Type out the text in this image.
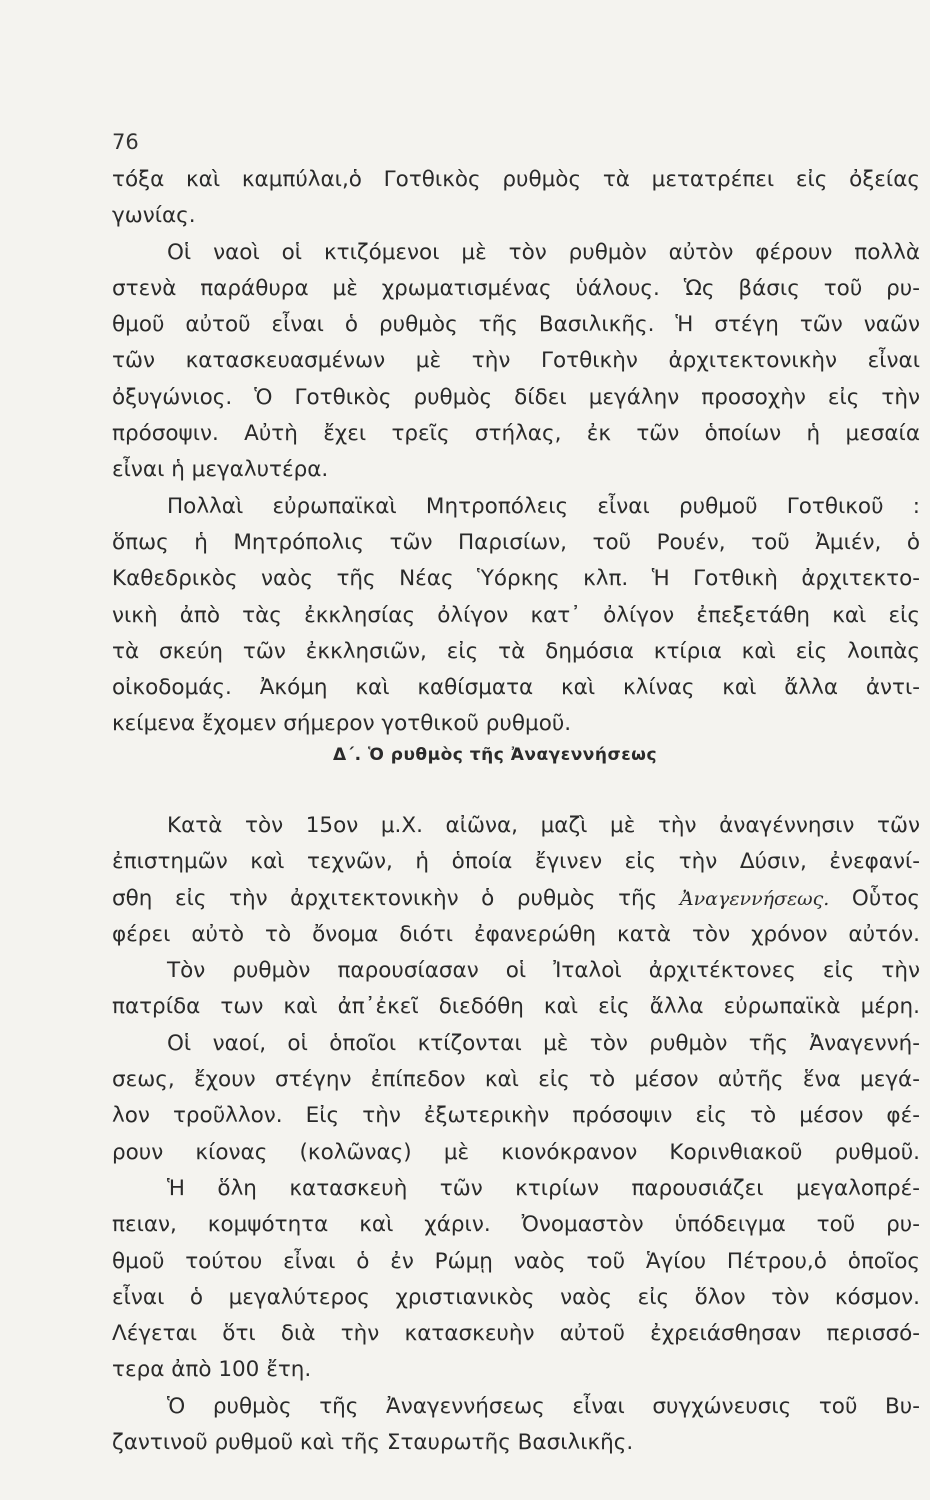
76
τόξα καὶ καμπύλαι,ὁ Γοτθικὸς ρυθμὸς τὰ μετατρέπει εἰς ὀξείας
γωνίας.
Οἱ ναοὶ οἱ κτιζόμενοι μὲ τὸν ρυθμὸν αὐτὸν φέρουν πολλὰ
στενὰ παράθυρα μὲ χρωματισμένας ὑάλους. Ὡς βάσις τοῦ ρυ-
θμοῦ αὐτοῦ εἶναι ὁ ρυθμὸς τῆς Βασιλικῆς. Ἡ στέγη τῶν ναῶν
τῶν κατασκευασμένων μὲ τὴν Γοτθικὴν ἀρχιτεκτονικὴν εἶναι
ὀξυγώνιος. Ὁ Γοτθικὸς ρυθμὸς δίδει μεγάλην προσοχὴν εἰς τὴν
πρόσοψιν. Αὐτὴ ἔχει τρεῖς στήλας, ἐκ τῶν ὁποίων ἡ μεσαία
εἶναι ἡ μεγαλυτέρα.
Πολλαὶ εὐρωπαϊκαὶ Μητροπόλεις εἶναι ρυθμοῦ Γοτθικοῦ :
ὅπως ἡ Μητρόπολις τῶν Παρισίων, τοῦ Ρουέν, τοῦ Ἀμιέν, ὁ
Καθεδρικὸς ναὸς τῆς Νέας Ὑόρκης κλπ. Ἡ Γοτθικὴ ἀρχιτεκτο-
νικὴ ἀπὸ τὰς ἐκκλησίας ὀλίγον κατ᾽ ὀλίγον ἐπεξετάθη καὶ εἰς
τὰ σκεύη τῶν ἐκκλησιῶν, εἰς τὰ δημόσια κτίρια καὶ εἰς λοιπὰς
οἰκοδομάς. Ἀκόμη καὶ καθίσματα καὶ κλίνας καὶ ἄλλα ἀντι-
κείμενα ἔχομεν σήμερον γοτθικοῦ ρυθμοῦ.
Δ΄. Ὁ ρυθμὸς τῆς Ἀναγεννήσεως
Κατὰ τὸν 15ον μ.Χ. αἰῶνα, μαζὶ μὲ τὴν ἀναγέννησιν τῶν
ἐπιστημῶν καὶ τεχνῶν, ἡ ὁποία ἔγινεν εἰς τὴν Δύσιν, ἐνεφανί-
σθη εἰς τὴν ἀρχιτεκτονικὴν ὁ ρυθμὸς τῆς Ἀναγεννήσεως. Οὗτος
φέρει αὐτὸ τὸ ὄνομα διότι ἐφανερώθη κατὰ τὸν χρόνον αὐτόν.
Τὸν ρυθμὸν παρουσίασαν οἱ Ἰταλοὶ ἀρχιτέκτονες εἰς τὴν
πατρίδα των καὶ ἀπ᾽ἐκεῖ διεδόθη καὶ εἰς ἄλλα εὐρωπαϊκὰ μέρη.
Οἱ ναοί, οἱ ὁποῖοι κτίζονται μὲ τὸν ρυθμὸν τῆς Ἀναγεννή-
σεως, ἔχουν στέγην ἐπίπεδον καὶ εἰς τὸ μέσον αὐτῆς ἕνα μεγά-
λον τροῦλλον. Εἰς τὴν ἐξωτερικὴν πρόσοψιν εἰς τὸ μέσον φέ-
ρουν κίονας (κολῶνας) μὲ κιονόκρανον Κορινθιακοῦ ρυθμοῦ.
Ἡ ὅλη κατασκευὴ τῶν κτιρίων παρουσιάζει μεγαλοπρέ-
πειαν, κομψότητα καὶ χάριν. Ὀνομαστὸν ὑπόδειγμα τοῦ ρυ-
θμοῦ τούτου εἶναι ὁ ἐν Ρώμῃ ναὸς τοῦ Ἁγίου Πέτρου,ὁ ὁποῖος
εἶναι ὁ μεγαλύτερος χριστιανικὸς ναὸς εἰς ὅλον τὸν κόσμον.
Λέγεται ὅτι διὰ τὴν κατασκευὴν αὐτοῦ ἐχρειάσθησαν περισσό-
τερα ἀπὸ 100 ἔτη.
Ὁ ρυθμὸς τῆς Ἀναγεννήσεως εἶναι συγχώνευσις τοῦ Βυ-
ζαντινοῦ ρυθμοῦ καὶ τῆς Σταυρωτῆς Βασιλικῆς.
